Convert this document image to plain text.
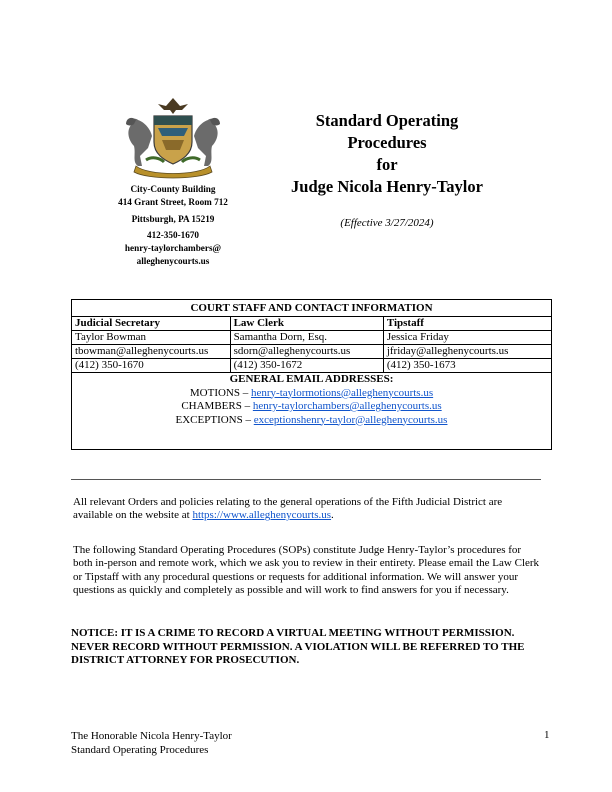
City-County Building
414 Grant Street, Room 712
Pittsburgh, PA 15219
412-350-1670
henry-taylorchambers@
alleghenycourts.us
Standard Operating
Procedures
for
Judge Nicola Henry-Taylor
(Effective 3/27/2024)
COURT STAFF AND CONTACT INFORMATION		
Judicial Secretary	Law Clerk	Tipstaff
Taylor Bowman	Samantha Dorn, Esq.	Jessica Friday
tbowman@alleghenycourts.us	sdorn@alleghenycourts.us	jfriday@alleghenycourts.us
(412) 350-1670	(412) 350-1672	(412) 350-1673
GENERAL EMAIL ADDRESSES:
MOTIONS – henry-taylormotions@alleghenycourts.us
CHAMBERS – henry-taylorchambers@alleghenycourts.us
EXCEPTIONS – exceptionshenry-taylor@alleghenycourts.us
All relevant Orders and policies relating to the general operations of the Fifth Judicial District are available on the website at https://www.alleghenycourts.us.
The following Standard Operating Procedures (SOPs) constitute Judge Henry-Taylor’s procedures for both in-person and remote work, which we ask you to review in their entirety. Please email the Law Clerk or Tipstaff with any procedural questions or requests for additional information. We will answer your questions as quickly and completely as possible and will work to find answers for you if necessary.
NOTICE: IT IS A CRIME TO RECORD A VIRTUAL MEETING WITHOUT PERMISSION. NEVER RECORD WITHOUT PERMISSION. A VIOLATION WILL BE REFERRED TO THE DISTRICT ATTORNEY FOR PROSECUTION.
The Honorable Nicola Henry-Taylor
Standard Operating Procedures
1
